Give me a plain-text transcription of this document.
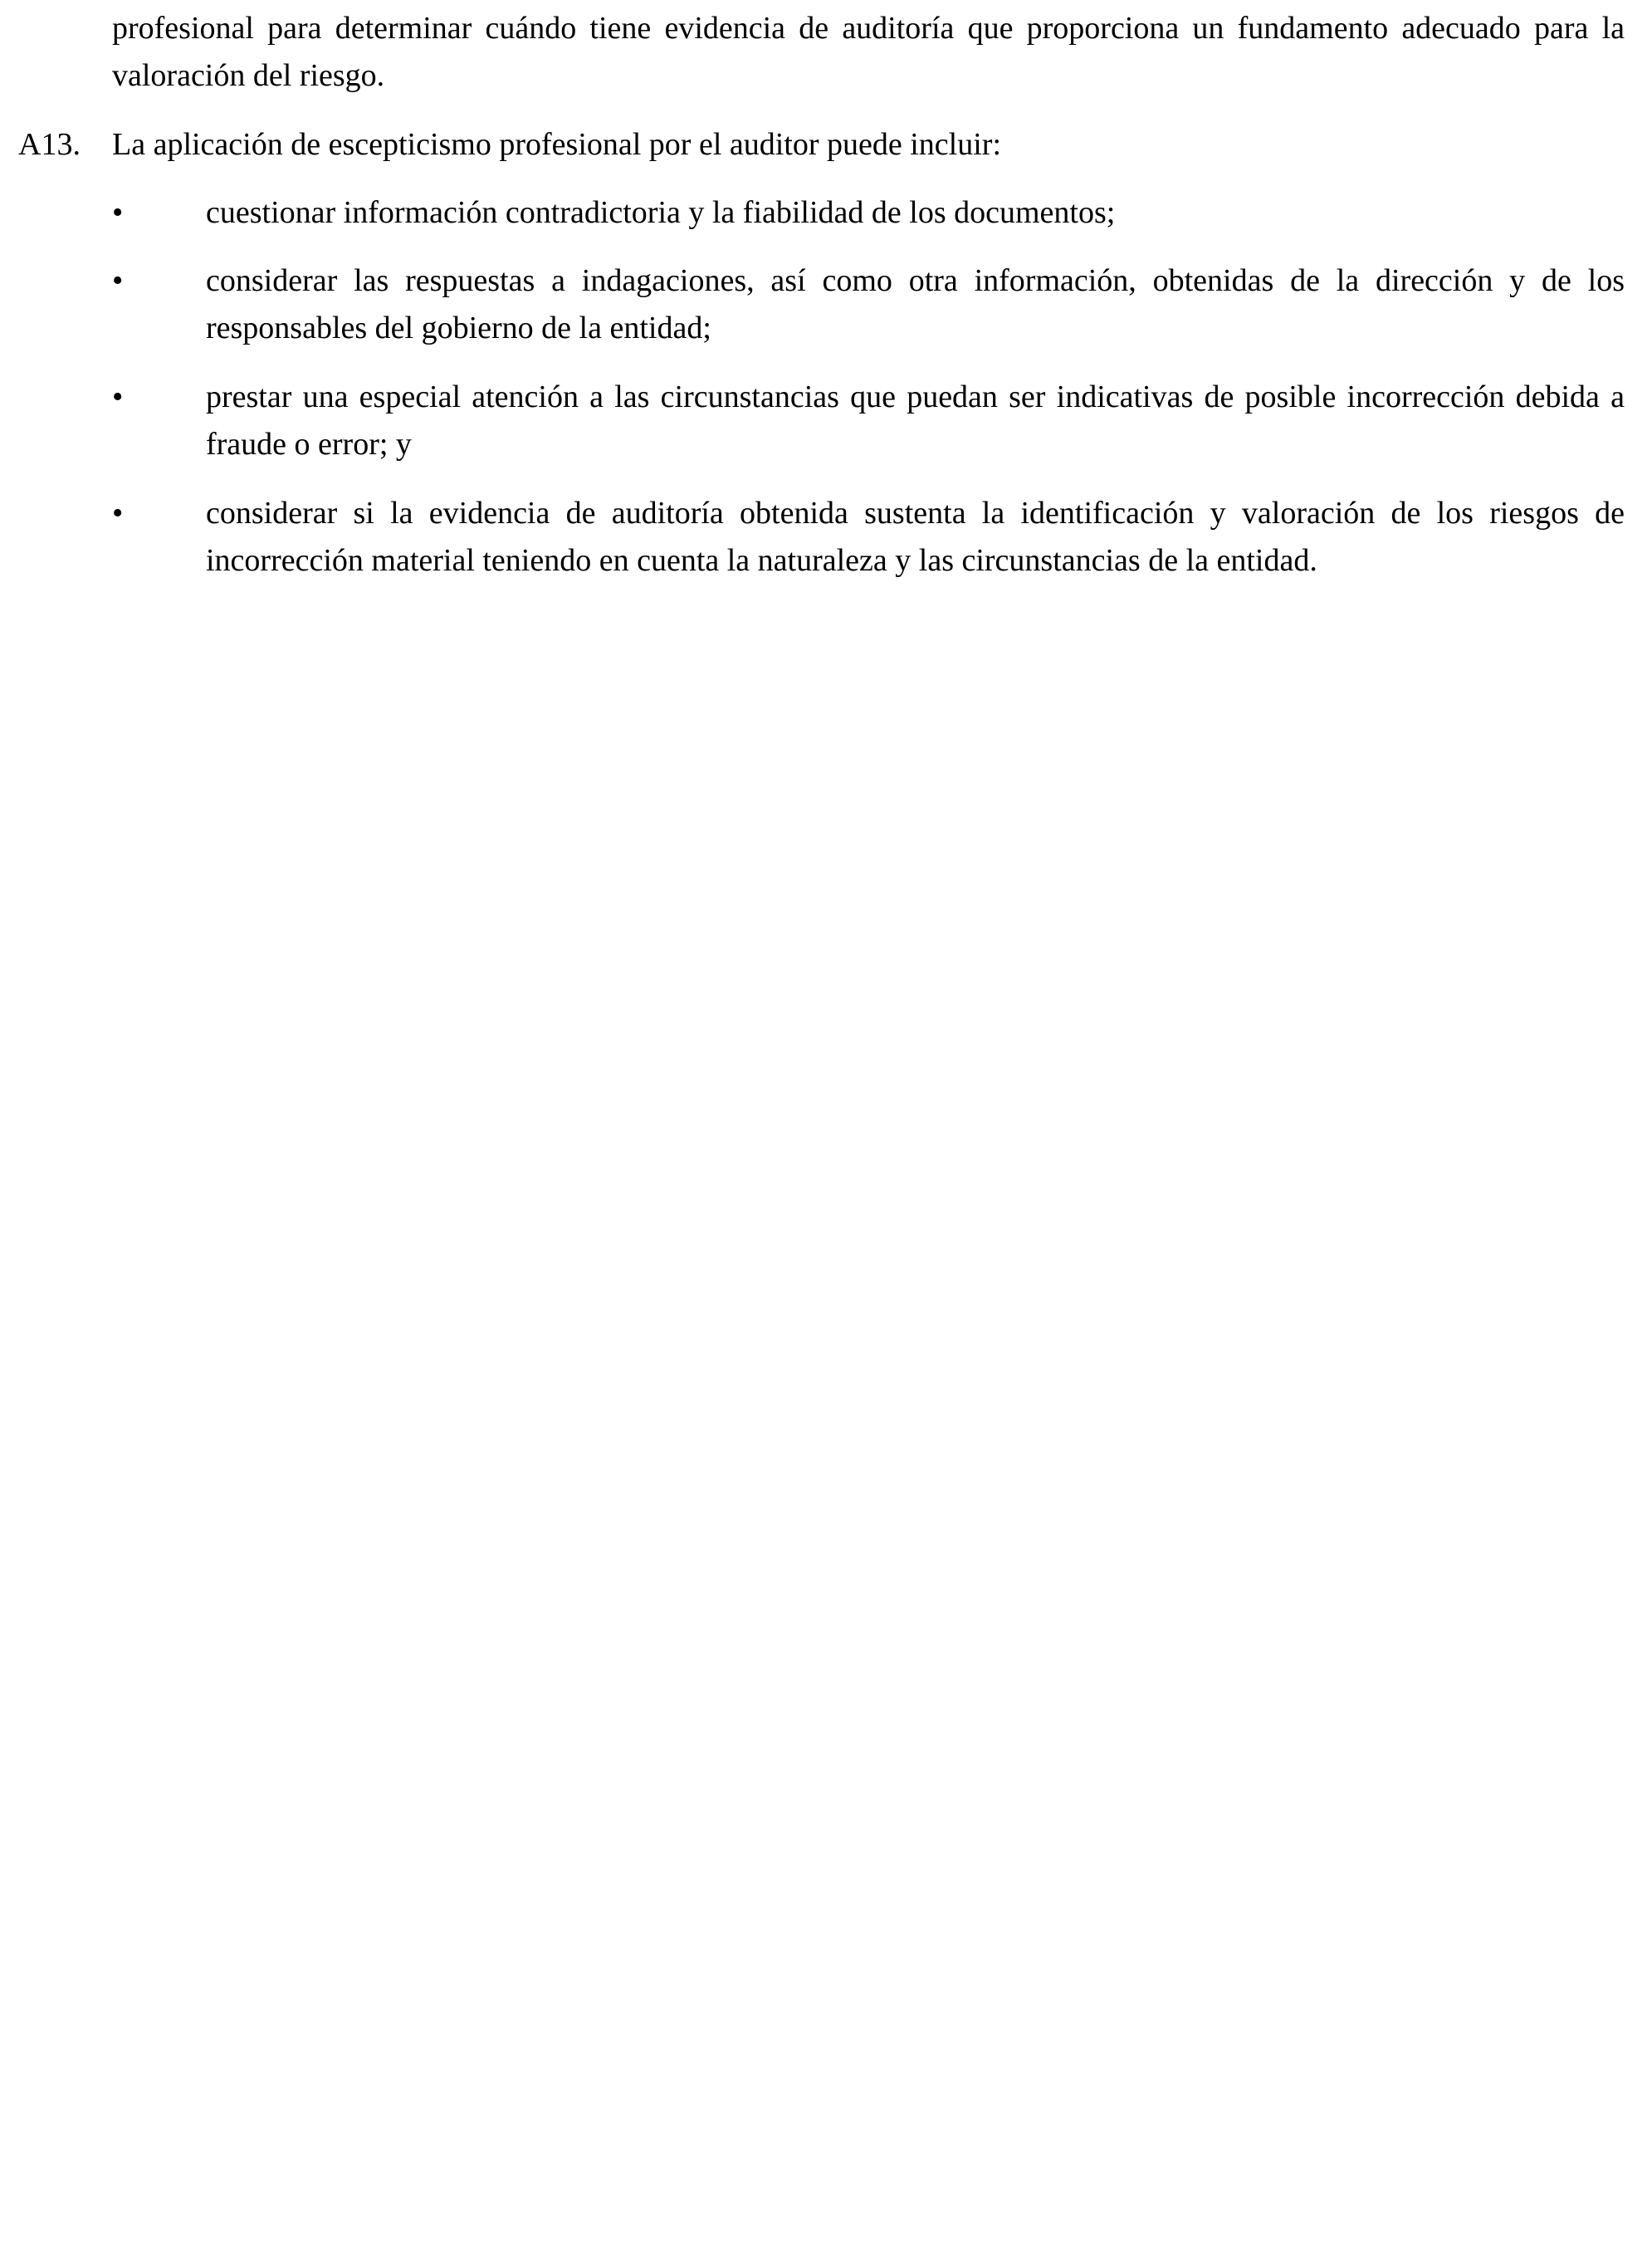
profesional para determinar cuándo tiene evidencia de auditoría que proporciona un fundamento adecuado para la valoración del riesgo.

A13. La aplicación de escepticismo profesional por el auditor puede incluir:

•	cuestionar información contradictoria y la fiabilidad de los documentos;

•	considerar las respuestas a indagaciones, así como otra información, obtenidas de la dirección y de los responsables del gobierno de la entidad;

•	prestar una especial atención a las circunstancias que puedan ser indicativas de posible incorrección debida a fraude o error; y

•	considerar si la evidencia de auditoría obtenida sustenta la identificación y valoración de los riesgos de incorrección material teniendo en cuenta la naturaleza y las circunstancias de la entidad.
